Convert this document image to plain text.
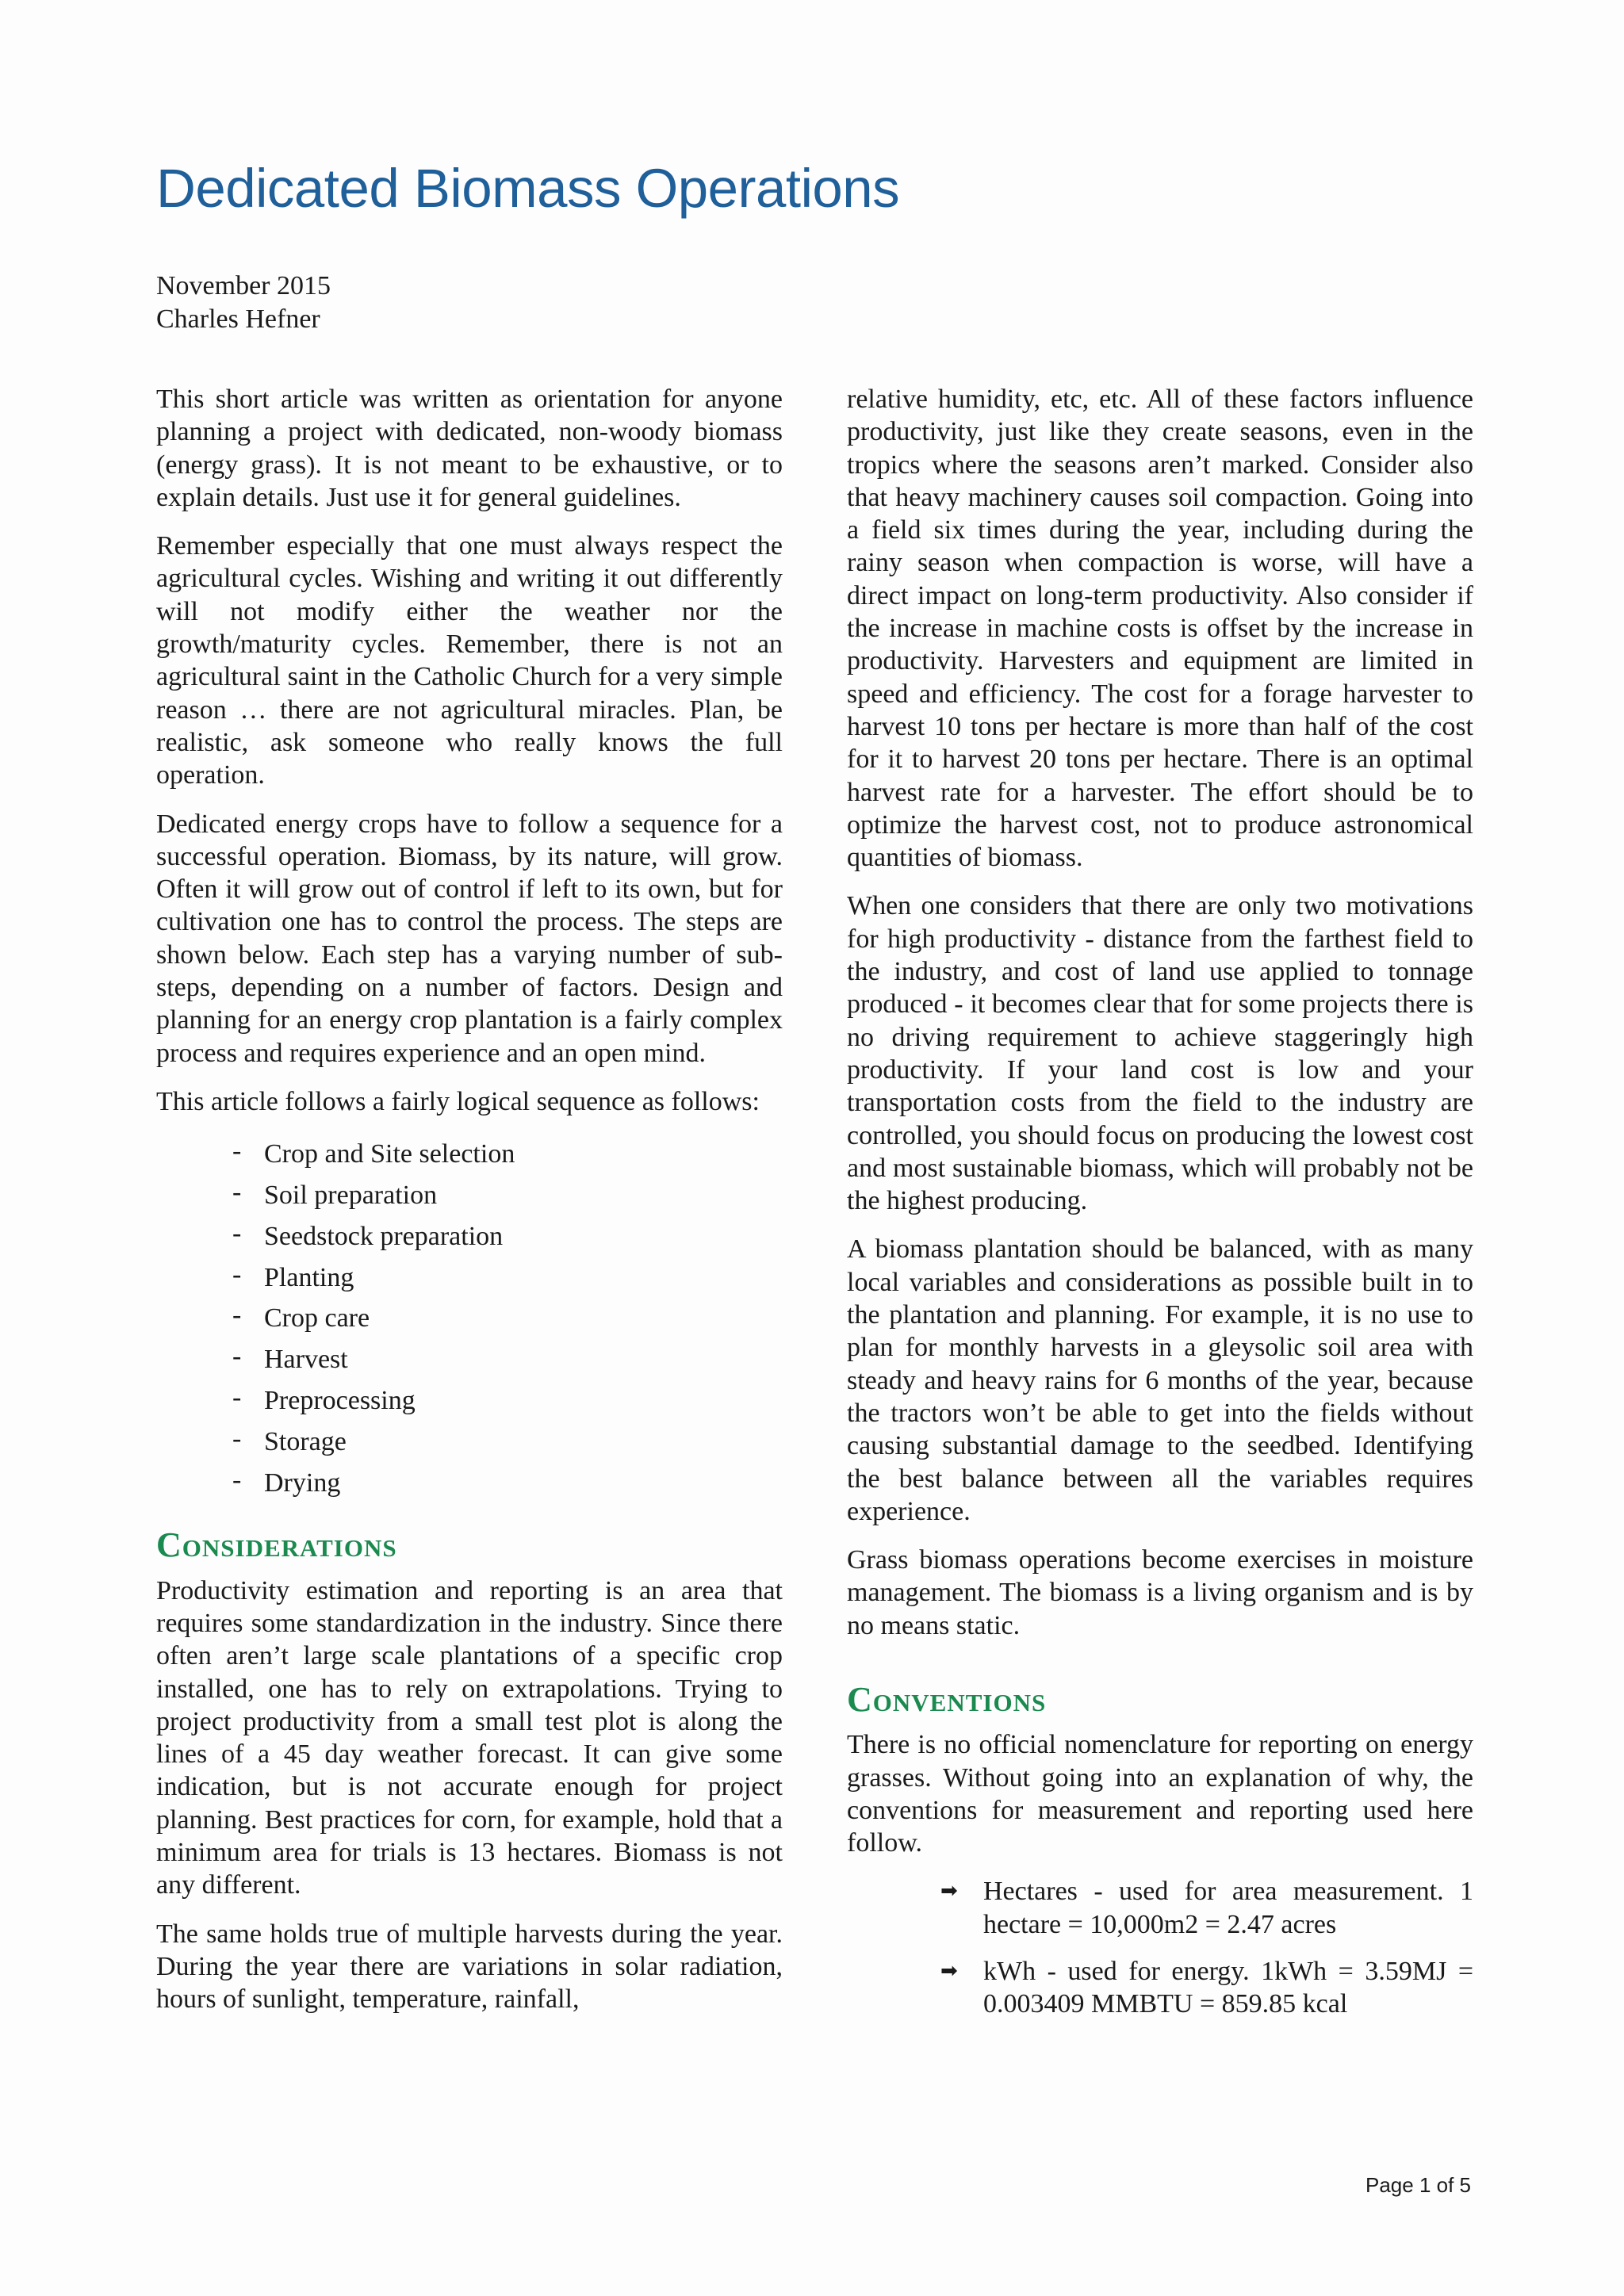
Dedicated Biomass Operations
November 2015
Charles Hefner

This short article was written as orientation for anyone planning a project with dedicated, non-woody biomass (energy grass). It is not meant to be exhaustive, or to explain details. Just use it for general guidelines.

Remember especially that one must always respect the agricultural cycles. Wishing and writing it out differently will not modify either the weather nor the growth/maturity cycles. Remember, there is not an agricultural saint in the Catholic Church for a very simple reason … there are not agricultural miracles. Plan, be realistic, ask someone who really knows the full operation.

Dedicated energy crops have to follow a sequence for a successful operation. Biomass, by its nature, will grow. Often it will grow out of control if left to its own, but for cultivation one has to control the process. The steps are shown below. Each step has a varying number of sub-steps, depending on a number of factors. Design and planning for an energy crop plantation is a fairly complex process and requires experience and an open mind.

This article follows a fairly logical sequence as follows:

- Crop and Site selection
- Soil preparation
- Seedstock preparation
- Planting
- Crop care
- Harvest
- Preprocessing
- Storage
- Drying
Considerations

Productivity estimation and reporting is an area that requires some standardization in the industry. Since there often aren’t large scale plantations of a specific crop installed, one has to rely on extrapolations. Trying to project productivity from a small test plot is along the lines of a 45 day weather forecast. It can give some indication, but is not accurate enough for project planning. Best practices for corn, for example, hold that a minimum area for trials is 13 hectares. Biomass is not any different.

The same holds true of multiple harvests during the year. During the year there are variations in solar radiation, hours of sunlight, temperature, rainfall,

relative humidity, etc, etc. All of these factors influence productivity, just like they create seasons, even in the tropics where the seasons aren’t marked. Consider also that heavy machinery causes soil compaction. Going into a field six times during the year, including during the rainy season when compaction is worse, will have a direct impact on long-term productivity. Also consider if the increase in machine costs is offset by the increase in productivity. Harvesters and equipment are limited in speed and efficiency. The cost for a forage harvester to harvest 10 tons per hectare is more than half of the cost for it to harvest 20 tons per hectare. There is an optimal harvest rate for a harvester. The effort should be to optimize the harvest cost, not to produce astronomical quantities of biomass.

When one considers that there are only two motivations for high productivity - distance from the farthest field to the industry, and cost of land use applied to tonnage produced - it becomes clear that for some projects there is no driving requirement to achieve staggeringly high productivity. If your land cost is low and your transportation costs from the field to the industry are controlled, you should focus on producing the lowest cost and most sustainable biomass, which will probably not be the highest producing.

A biomass plantation should be balanced, with as many local variables and considerations as possible built in to the plantation and planning. For example, it is no use to plan for monthly harvests in a gleysolic soil area with steady and heavy rains for 6 months of the year, because the tractors won’t be able to get into the fields without causing substantial damage to the seedbed. Identifying the best balance between all the variables requires experience.

Grass biomass operations become exercises in moisture management. The biomass is a living organism and is by no means static.

Conventions

There is no official nomenclature for reporting on energy grasses. Without going into an explanation of why, the conventions for measurement and reporting used here follow.

➡ Hectares - used for area measurement. 1 hectare = 10,000m2 = 2.47 acres
➡ kWh - used for energy. 1kWh = 3.59MJ = 0.003409 MMBTU = 859.85 kcal
Page 1 of 5
